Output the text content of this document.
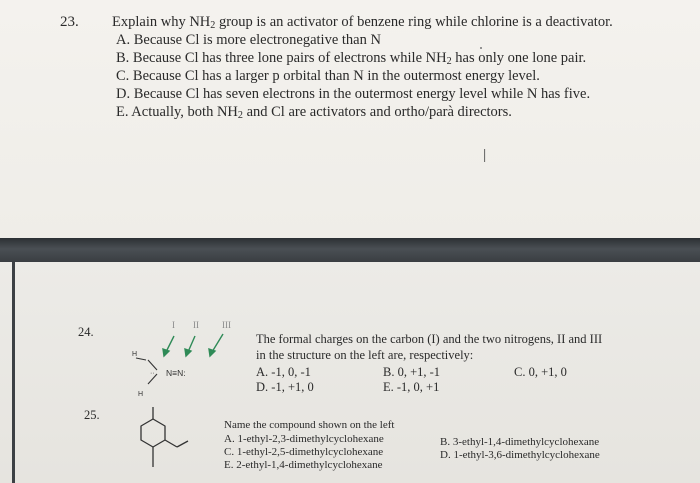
23. Explain why $NH_2$ group is an activator of benzene ring while chlorine is a deactivator.
A. Because Cl is more electronegative than N
B. Because Cl has three lone pairs of electrons while $NH_2$ has only one lone pair.
C. Because Cl has a larger p orbital than N in the outermost energy level.
D. Because Cl has seven electrons in the outermost energy level while N has five.
E. Actually, both $NH_2$ and Cl are activators and ortho/parà directors.
I
24.	I II	III
H
H
·· N≡N:
The formal charges on the carbon (I) and the two nitrogens, II and III
in the structure on the left are, respectively:
A. -1, 0, -1	B. 0, +1, -1	C. 0, +1, 0
D. -1, +1, 0	E. -1, 0, +1
25.
Name the compound shown on the left
A. 1-ethyl-2,3-dimethylcyclohexane	B. 3-ethyl-1,4-dimethylcyclohexane
C. 1-ethyl-2,5-dimethylcyclohexane	D. 1-ethyl-3,6-dimethylcyclohexane
E. 2-ethyl-1,4-dimethylcyclohexane
